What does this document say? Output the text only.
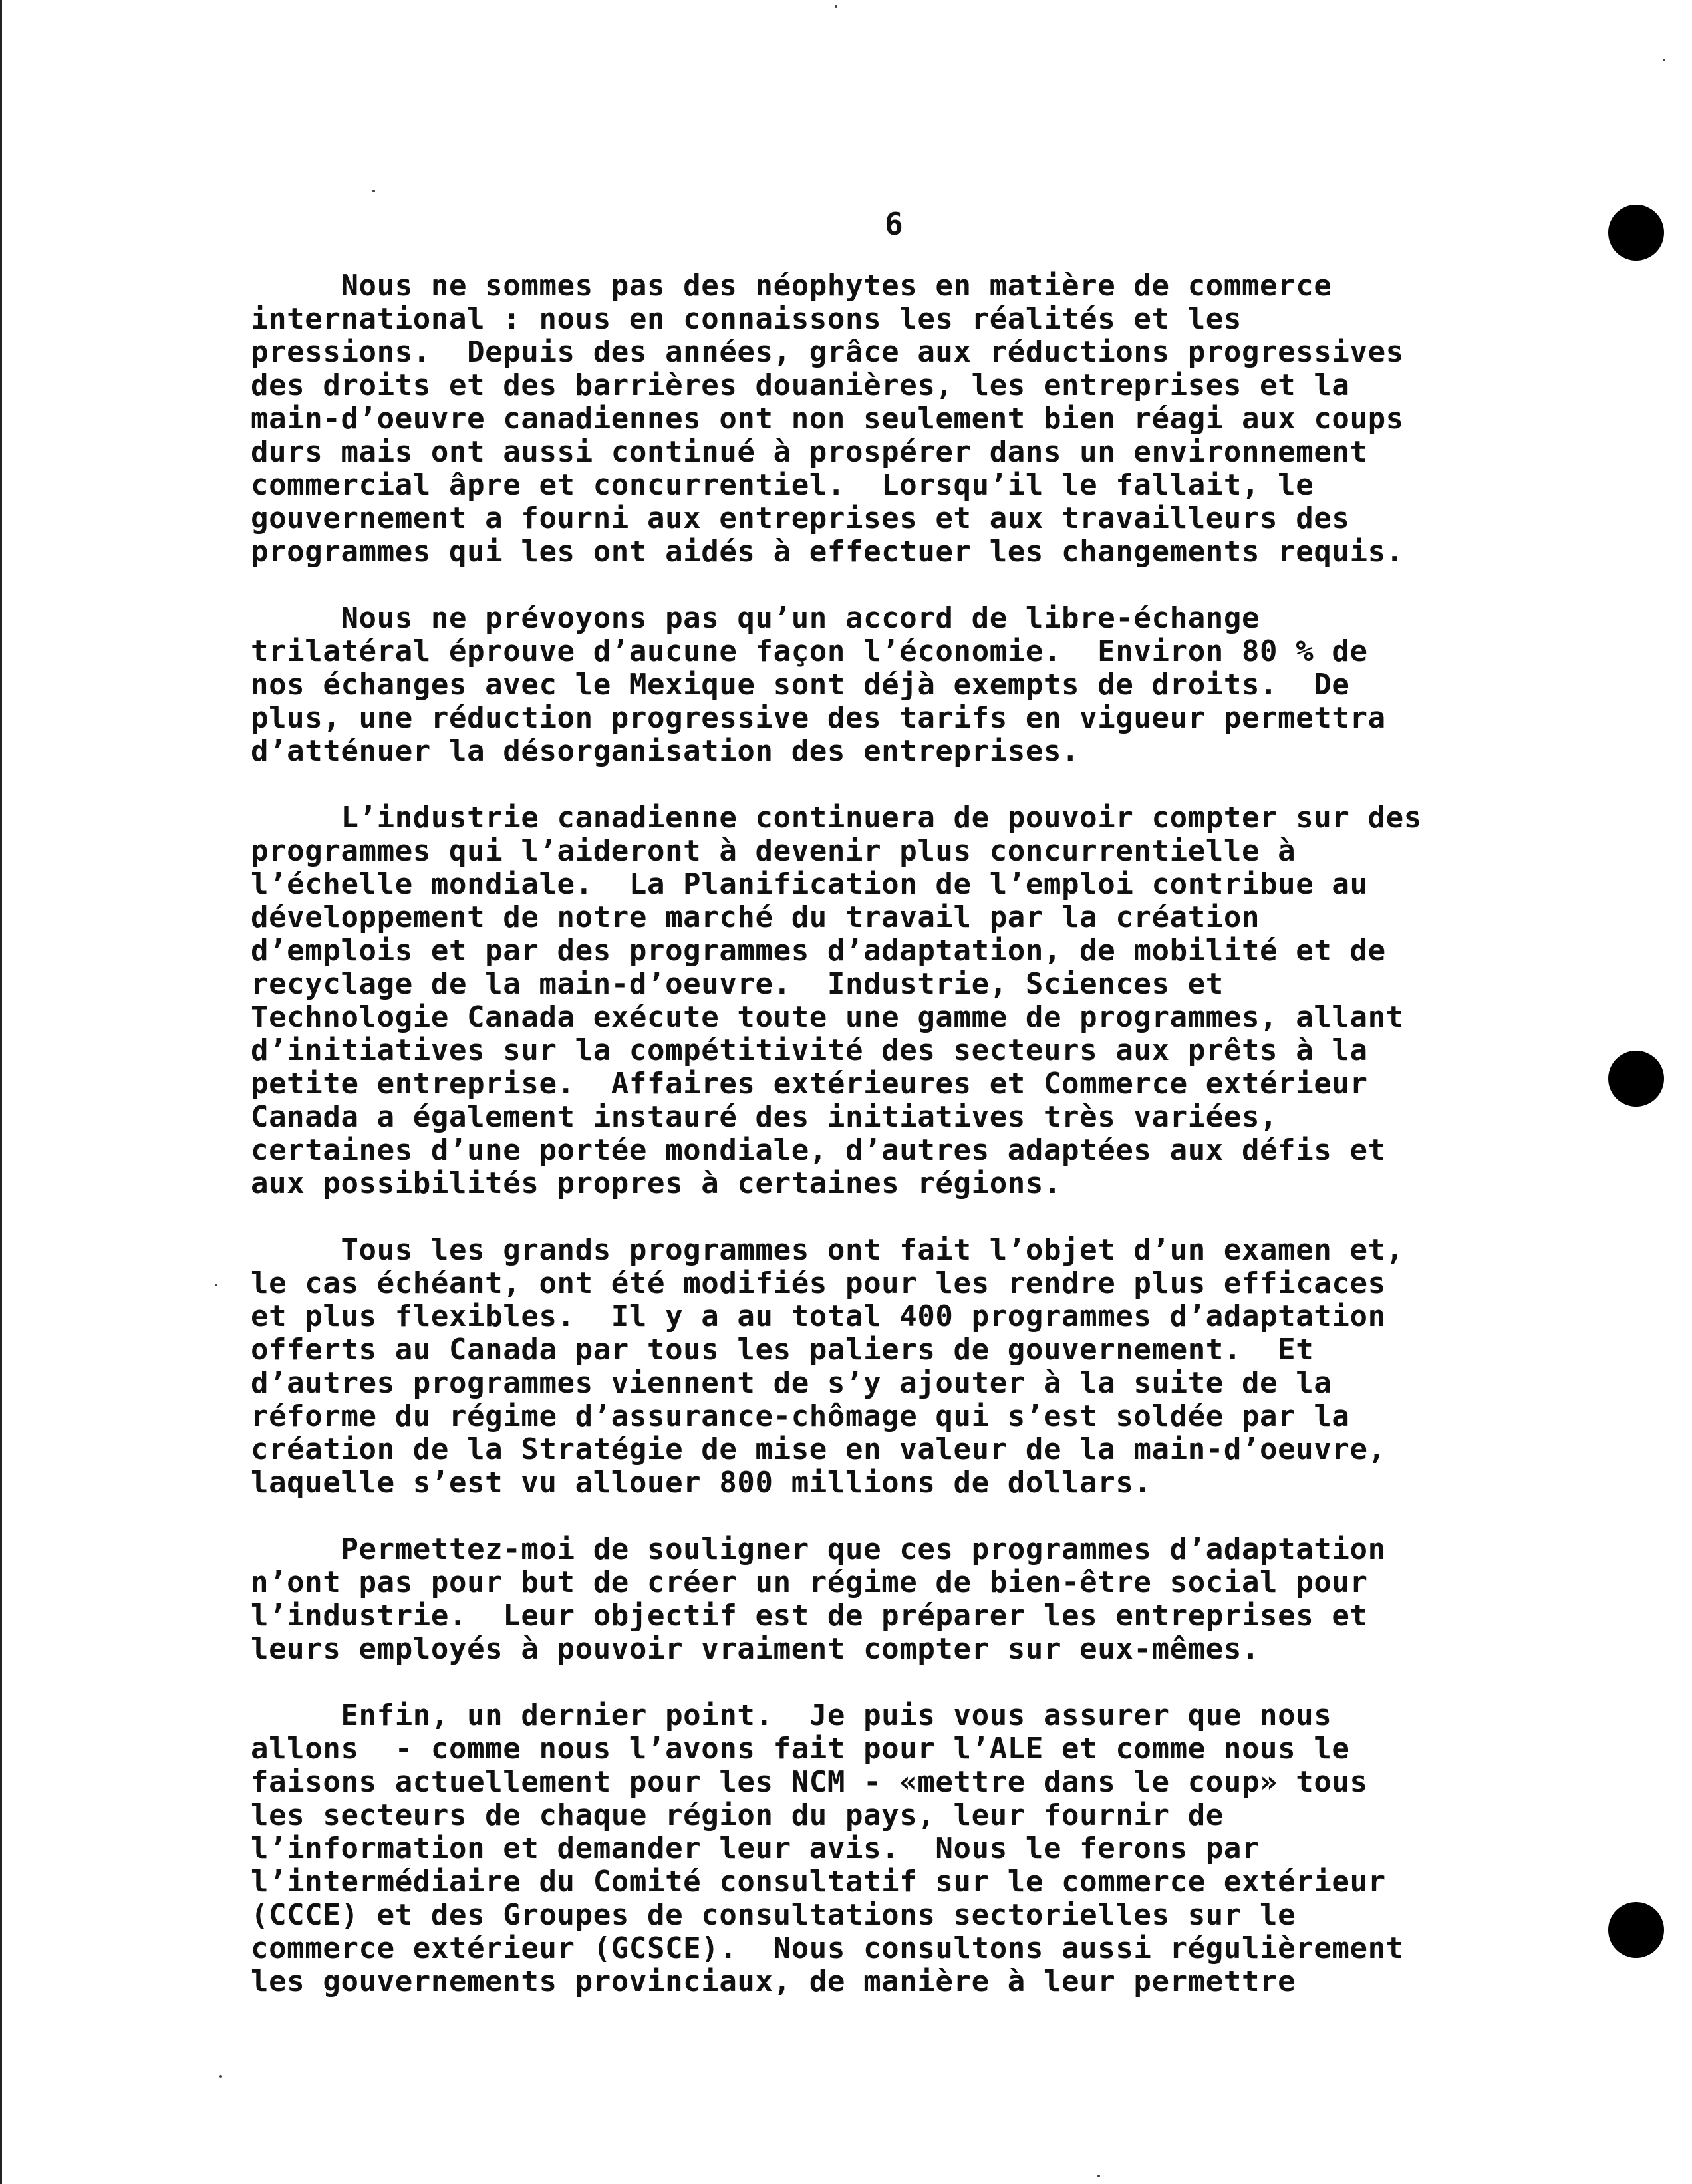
6

Nous ne sommes pas des néophytes en matière de commerce
international : nous en connaissons les réalités et les
pressions.  Depuis des années, grâce aux réductions progressives
des droits et des barrières douanières, les entreprises et la
main-d’oeuvre canadiennes ont non seulement bien réagi aux coups
durs mais ont aussi continué à prospérer dans un environnement
commercial âpre et concurrentiel.  Lorsqu’il le fallait, le
gouvernement a fourni aux entreprises et aux travailleurs des
programmes qui les ont aidés à effectuer les changements requis.
Nous ne prévoyons pas qu’un accord de libre-échange
trilatéral éprouve d’aucune façon l’économie.  Environ 80 % de
nos échanges avec le Mexique sont déjà exempts de droits.  De
plus, une réduction progressive des tarifs en vigueur permettra
d’atténuer la désorganisation des entreprises.
L’industrie canadienne continuera de pouvoir compter sur des
programmes qui l’aideront à devenir plus concurrentielle à
l’échelle mondiale.  La Planification de l’emploi contribue au
développement de notre marché du travail par la création
d’emplois et par des programmes d’adaptation, de mobilité et de
recyclage de la main-d’oeuvre.  Industrie, Sciences et
Technologie Canada exécute toute une gamme de programmes, allant
d’initiatives sur la compétitivité des secteurs aux prêts à la
petite entreprise.  Affaires extérieures et Commerce extérieur
Canada a également instauré des initiatives très variées,
certaines d’une portée mondiale, d’autres adaptées aux défis et
aux possibilités propres à certaines régions.
Tous les grands programmes ont fait l’objet d’un examen et,
le cas échéant, ont été modifiés pour les rendre plus efficaces
et plus flexibles.  Il y a au total 400 programmes d’adaptation
offerts au Canada par tous les paliers de gouvernement.  Et
d’autres programmes viennent de s’y ajouter à la suite de la
réforme du régime d’assurance-chômage qui s’est soldée par la
création de la Stratégie de mise en valeur de la main-d’oeuvre,
laquelle s’est vu allouer 800 millions de dollars.
Permettez-moi de souligner que ces programmes d’adaptation
n’ont pas pour but de créer un régime de bien-être social pour
l’industrie.  Leur objectif est de préparer les entreprises et
leurs employés à pouvoir vraiment compter sur eux-mêmes.
Enfin, un dernier point.  Je puis vous assurer que nous
allons  - comme nous l’avons fait pour l’ALE et comme nous le
faisons actuellement pour les NCM - «mettre dans le coup» tous
les secteurs de chaque région du pays, leur fournir de
l’information et demander leur avis.  Nous le ferons par
l’intermédiaire du Comité consultatif sur le commerce extérieur
(CCCE) et des Groupes de consultations sectorielles sur le
commerce extérieur (GCSCE).  Nous consultons aussi régulièrement
les gouvernements provinciaux, de manière à leur permettre
